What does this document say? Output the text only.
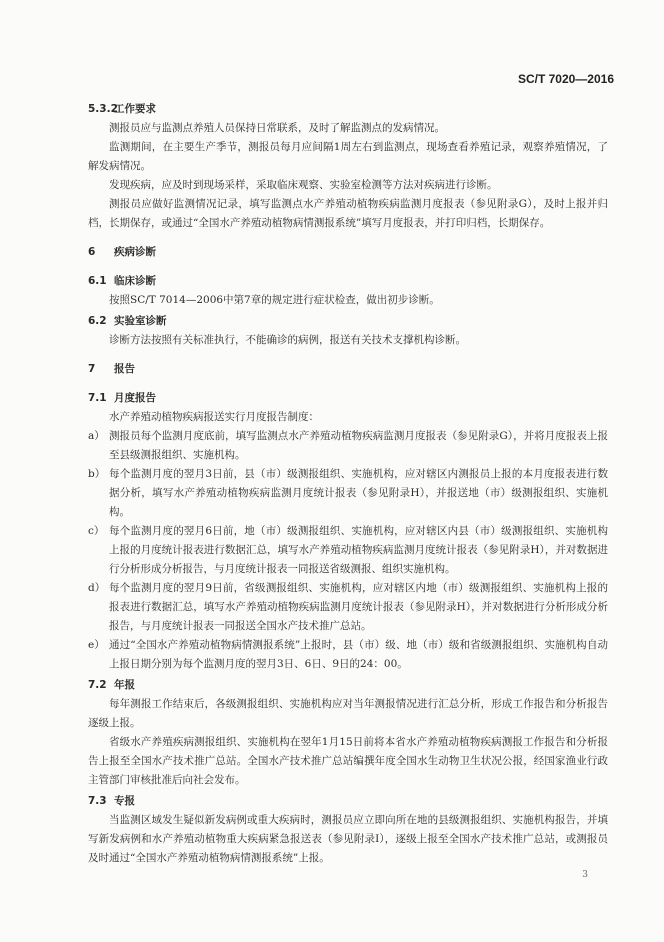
SC/T 7020—2016
5.3.2工作要求

测报员应与监测点养殖人员保持日常联系，及时了解监测点的发病情况。

监测期间，在主要生产季节，测报员每月应间隔1周左右到监测点，现场查看养殖记录，观察养殖情况，了解发病情况。

发现疾病，应及时到现场采样，采取临床观察、实验室检测等方法对疾病进行诊断。

测报员应做好监测情况记录，填写监测点水产养殖动植物疾病监测月度报表（参见附录G），及时上报并归档，长期保存，或通过“全国水产养殖动植物病情测报系统”填写月度报表，并打印归档，长期保存。

6 疾病诊断
6.1 临床诊断

按照SC/T 7014—2006中第7章的规定进行症状检查，做出初步诊断。

6.2 实验室诊断

诊断方法按照有关标准执行，不能确诊的病例，报送有关技术支撑机构诊断。

7 报告
7.1 月度报告

水产养殖动植物疾病报送实行月度报告制度：

a） 测报员每个监测月度底前，填写监测点水产养殖动植物疾病监测月度报表（参见附录G），并将月度报表上报至县级测报组织、实施机构。
b） 每个监测月度的翌月3日前，县（市）级测报组织、实施机构，应对辖区内测报员上报的本月度报表进行数据分析，填写水产养殖动植物疾病监测月度统计报表（参见附录H），并报送地（市）级测报组织、实施机构。
c） 每个监测月度的翌月6日前，地（市）级测报组织、实施机构，应对辖区内县（市）级测报组织、实施机构上报的月度统计报表进行数据汇总，填写水产养殖动植物疾病监测月度统计报表（参见附录H），并对数据进行分析形成分析报告，与月度统计报表一同报送省级测报、组织实施机构。
d） 每个监测月度的翌月9日前，省级测报组织、实施机构，应对辖区内地（市）级测报组织、实施机构上报的报表进行数据汇总，填写水产养殖动植物疾病监测月度统计报表（参见附录H），并对数据进行分析形成分析报告，与月度统计报表一同报送全国水产技术推广总站。
e） 通过“全国水产养殖动植物病情测报系统”上报时，县（市）级、地（市）级和省级测报组织、实施机构自动上报日期分别为每个监测月度的翌月3日、6日、9日的24：00。
7.2 年报

每年测报工作结束后，各级测报组织、实施机构应对当年测报情况进行汇总分析，形成工作报告和分析报告逐级上报。

省级水产养殖疾病测报组织、实施机构在翌年1月15日前将本省水产养殖动植物疾病测报工作报告和分析报告上报至全国水产技术推广总站。全国水产技术推广总站编撰年度全国水生动物卫生状况公报，经国家渔业行政主管部门审核批准后向社会发布。

7.3 专报

当监测区域发生疑似新发病例或重大疾病时，测报员应立即向所在地的县级测报组织、实施机构报告，并填写新发病例和水产养殖动植物重大疾病紧急报送表（参见附录I），逐级上报至全国水产技术推广总站，或测报员及时通过“全国水产养殖动植物病情测报系统”上报。

3
